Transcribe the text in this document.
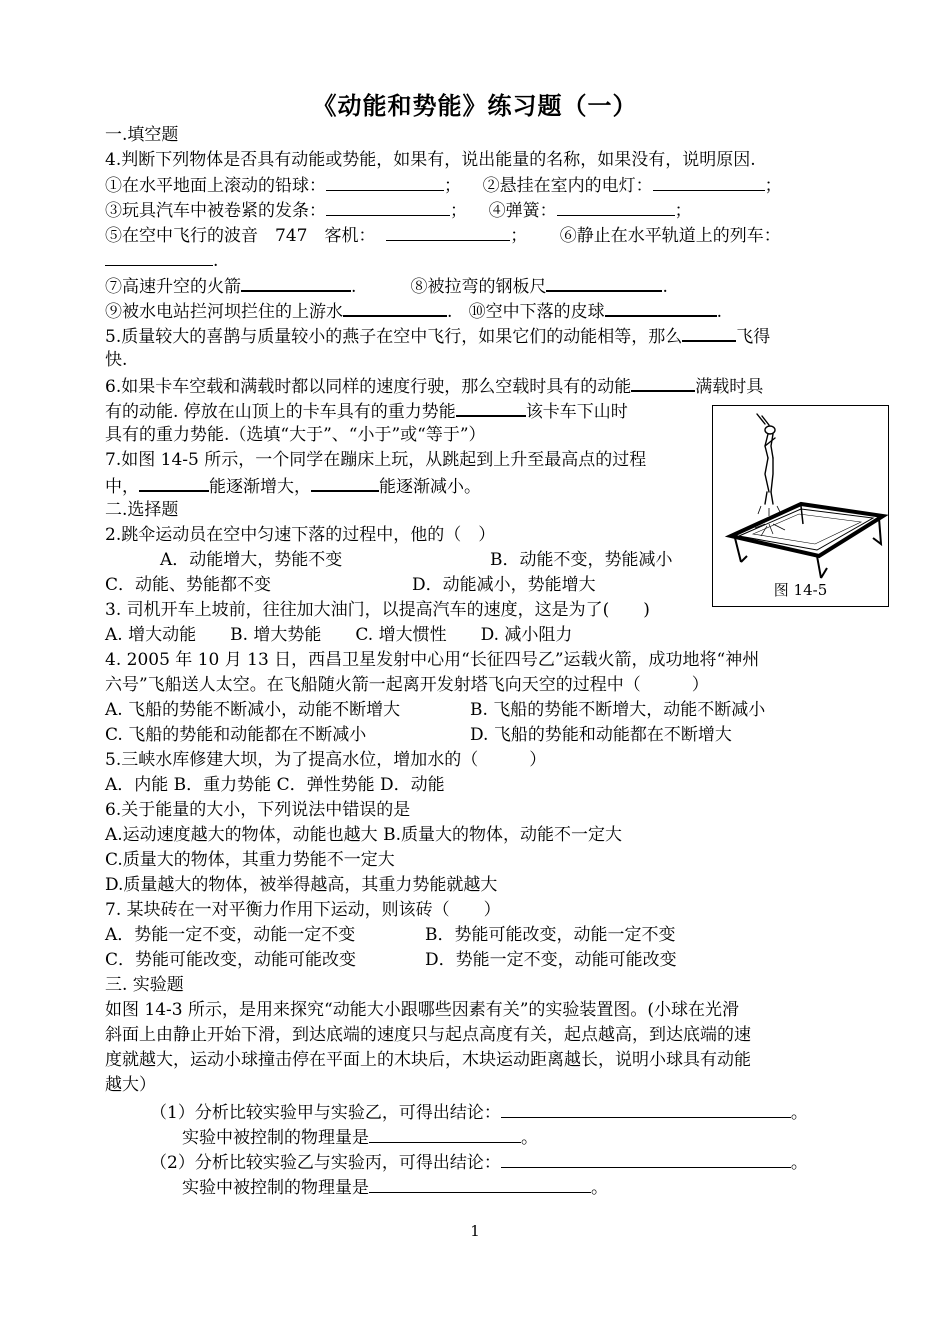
《动能和势能》练习题（一）
一.填空题
4.判断下列物体是否具有动能或势能，如果有，说出能量的名称，如果没有，说明原因.
①在水平地面上滚动的铅球：	；    ②悬挂在室内的电灯：	；
③玩具汽车中被卷紧的发条：	；    ④弹簧：	；
⑤在空中飞行的波音　747　客机：	；      ⑥静止在水平轨道上的列车：
.
⑦高速升空的火箭	.          ⑧被拉弯的钢板尺	.
⑨被水电站拦河坝拦住的上游水	.   ⑩空中下落的皮球	.
5.质量较大的喜鹊与质量较小的燕子在空中飞行，如果它们的动能相等，那么	飞得
快.
6.如果卡车空载和满载时都以同样的速度行驶，那么空载时具有的动能	满载时具
有的动能. 停放在山顶上的卡车具有的重力势能	该卡车下山时
具有的重力势能.（选填“大于”、“小于”或“等于”）
7.如图 14-5 所示，一个同学在蹦床上玩，从跳起到上升至最高点的过程
中，	能逐渐增大，	能逐渐减小。
图 14-5
二.选择题
2.跳伞运动员在空中匀速下落的过程中，他的（　）
A．动能增大，势能不变	B．动能不变，势能减小
C．动能、势能都不变	D．动能减小，势能增大
3. 司机开车上坡前，往往加大油门，以提高汽车的速度，这是为了(　　)
A. 增大动能　　B. 增大势能　　C. 增大惯性　　D. 减小阻力
4. 2005 年 10 月 13 日，西昌卫星发射中心用“长征四号乙”运载火箭，成功地将“神州
六号”飞船送人太空。在飞船随火箭一起离开发射塔飞向天空的过程中（　　　）
A. 飞船的势能不断减小，动能不断增大	B. 飞船的势能不断增大，动能不断减小
C. 飞船的势能和动能都在不断减小	D. 飞船的势能和动能都在不断增大
5.三峡水库修建大坝，为了提高水位，增加水的（　　　）
A．内能 B．重力势能 C．弹性势能 D．动能
6.关于能量的大小，下列说法中错误的是
A.运动速度越大的物体，动能也越大 B.质量大的物体，动能不一定大
C.质量大的物体，其重力势能不一定大
D.质量越大的物体，被举得越高，其重力势能就越大
7. 某块砖在一对平衡力作用下运动，则该砖（　　）
A．势能一定不变，动能一定不变	B．势能可能改变，动能一定不变
C．势能可能改变，动能可能改变	D．势能一定不变，动能可能改变
三. 实验题
如图 14-3 所示，是用来探究“动能大小跟哪些因素有关”的实验装置图。(小球在光滑
斜面上由静止开始下滑，到达底端的速度只与起点高度有关，起点越高，到达底端的速
度就越大，运动小球撞击停在平面上的木块后，木块运动距离越长，说明小球具有动能
越大）
（1）分析比较实验甲与实验乙，可得出结论：	。
实验中被控制的物理量是	。
（2）分析比较实验乙与实验丙，可得出结论：	。
实验中被控制的物理量是	。
1
